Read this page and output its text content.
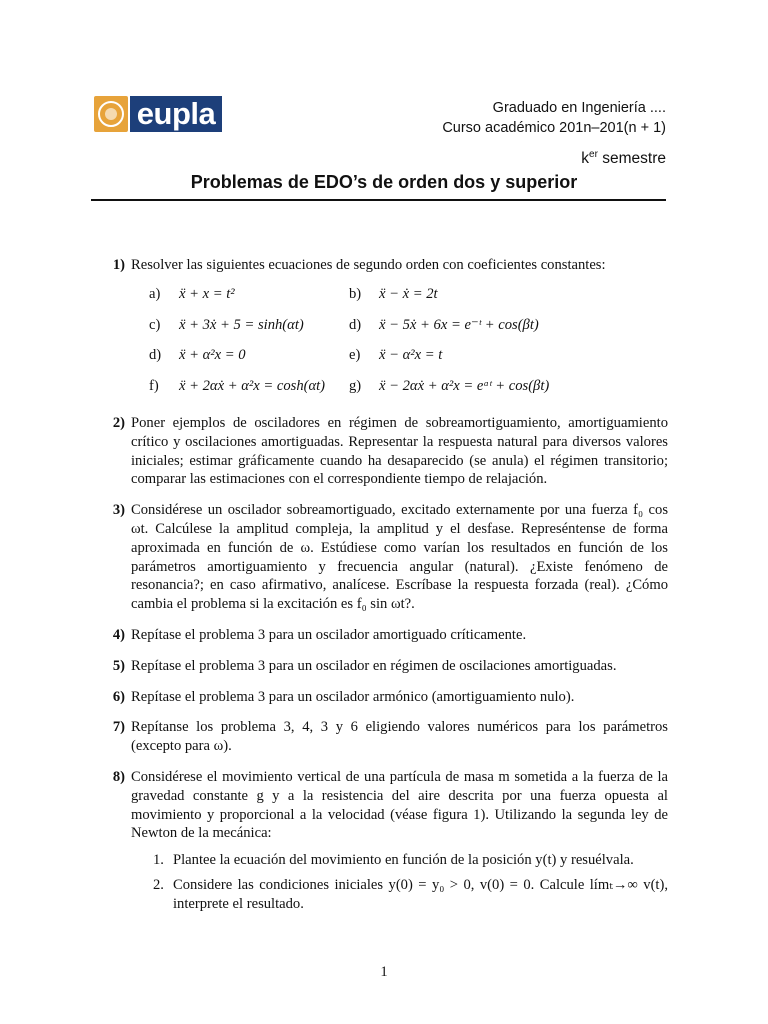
eupla	Graduado en Ingeniería ....
Curso académico 201n–201(n + 1)
$k^{er}$ semestre
Problemas de EDO’s de orden dos y superior
1) Resolver las siguientes ecuaciones de segundo orden con coeficientes constantes:
a)	ẍ + x = t²	b)	ẍ − ẋ = 2t
c)	ẍ + 3ẋ + 5 = sinh(αt)	d)	ẍ − 5ẋ + 6x = e⁻ᵗ + cos(βt)
d)	ẍ + α²x = 0	e)	ẍ − α²x = t
f)	ẍ + 2αẋ + α²x = cosh(αt) g)	ẍ − 2αẋ + α²x = eᵅᵗ + cos(βt)
2) Poner ejemplos de osciladores en régimen de sobreamortiguamiento, amortiguamiento crítico y oscilaciones amortiguadas. Representar la respuesta natural para diversos valores iniciales; estimar gráficamente cuando ha desaparecido (se anula) el régimen transitorio; comparar las estimaciones con el correspondiente tiempo de relajación.
3) Considérese un oscilador sobreamortiguado, excitado externamente por una fuerza f₀ cos ωt. Calcúlese la amplitud compleja, la amplitud y el desfase. Represéntense de forma aproximada en función de ω. Estúdiese como varían los resultados en función de los parámetros amortiguamiento y frecuencia angular (natural). ¿Existe fenómeno de resonancia?; en caso afirmativo, analícese. Escríbase la respuesta forzada (real). ¿Cómo cambia el problema si la excitación es f₀ sin ωt?.
4) Repítase el problema 3 para un oscilador amortiguado críticamente.
5) Repítase el problema 3 para un oscilador en régimen de oscilaciones amortiguadas.
6) Repítase el problema 3 para un oscilador armónico (amortiguamiento nulo).
7) Repítanse los problema 3, 4, 3 y 6 eligiendo valores numéricos para los parámetros (excepto para ω).
8) Considérese el movimiento vertical de una partícula de masa m sometida a la fuerza de la gravedad constante g y a la resistencia del aire descrita por una fuerza opuesta al movimiento y proporcional a la velocidad (véase figura 1). Utilizando la segunda ley de Newton de la mecánica:
1. Plantee la ecuación del movimiento en función de la posición y(t) y resuélvala.
2. Considere las condiciones iniciales y(0) = y₀ > 0, v(0) = 0. Calcule límₜ→∞ v(t), interprete el resultado.
1
